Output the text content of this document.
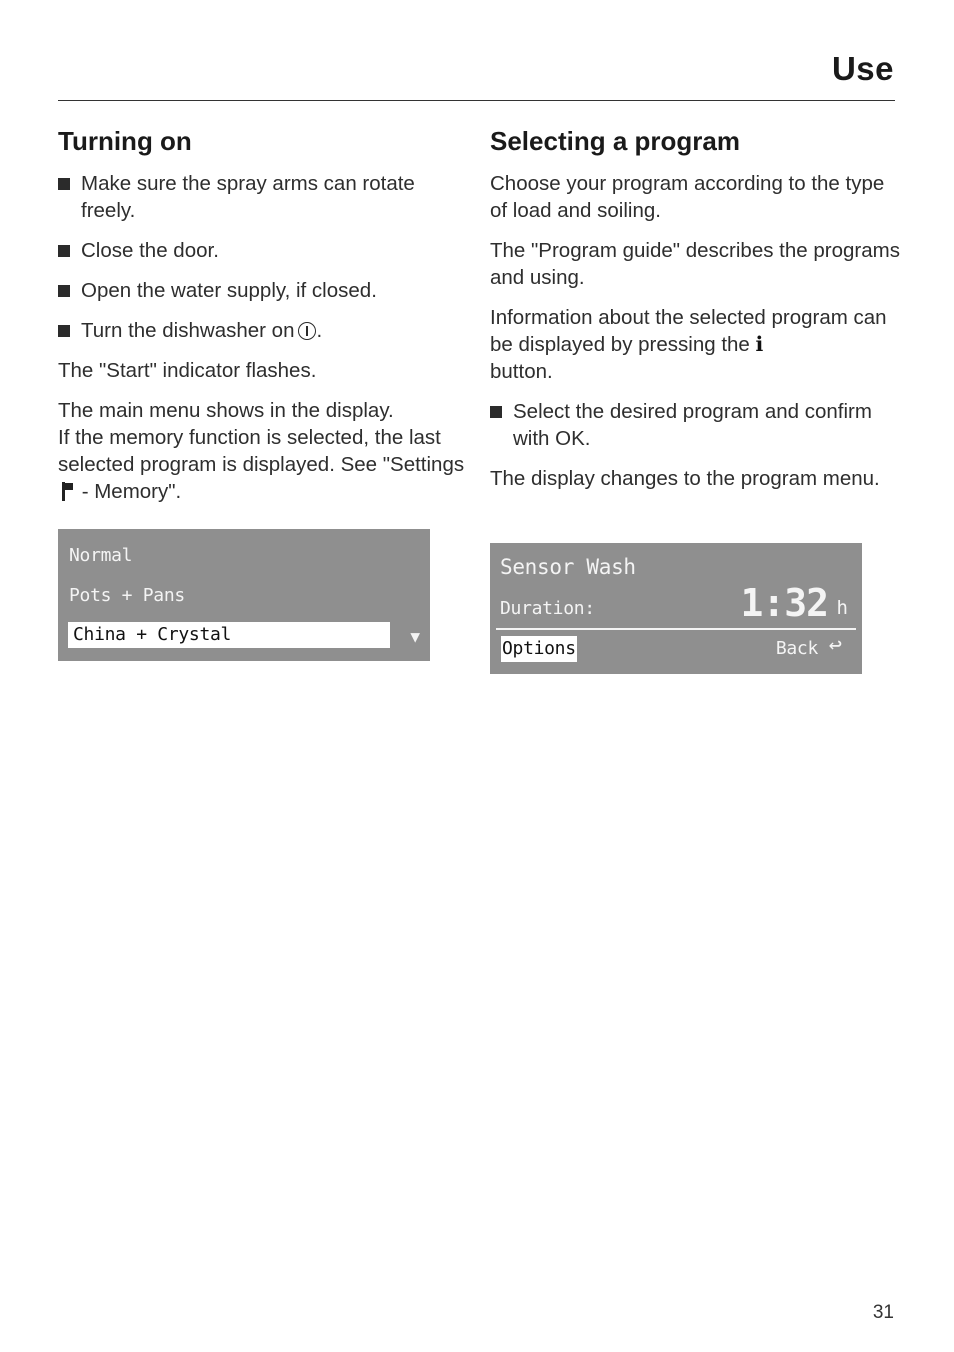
Use
Turning on
Make sure the spray arms can rotate freely.
Close the door.
Open the water supply, if closed.
Turn the dishwasher on .

The "Start" indicator flashes.

The main menu shows in the display.
If the memory function is selected, the last selected program is displayed. See "Settings  - Memory".

Normal
Pots + Pans
China + Crystal	▼
Selecting a program

Choose your program according to the type of load and soiling.

The "Program guide" describes the programs and using.

Information about the selected program can be displayed by pressing the i
button.

Select the desired program and confirm with OK.

The display changes to the program menu.

Sensor Wash
Duration:	1:32 h
Options	Back ↩
31
